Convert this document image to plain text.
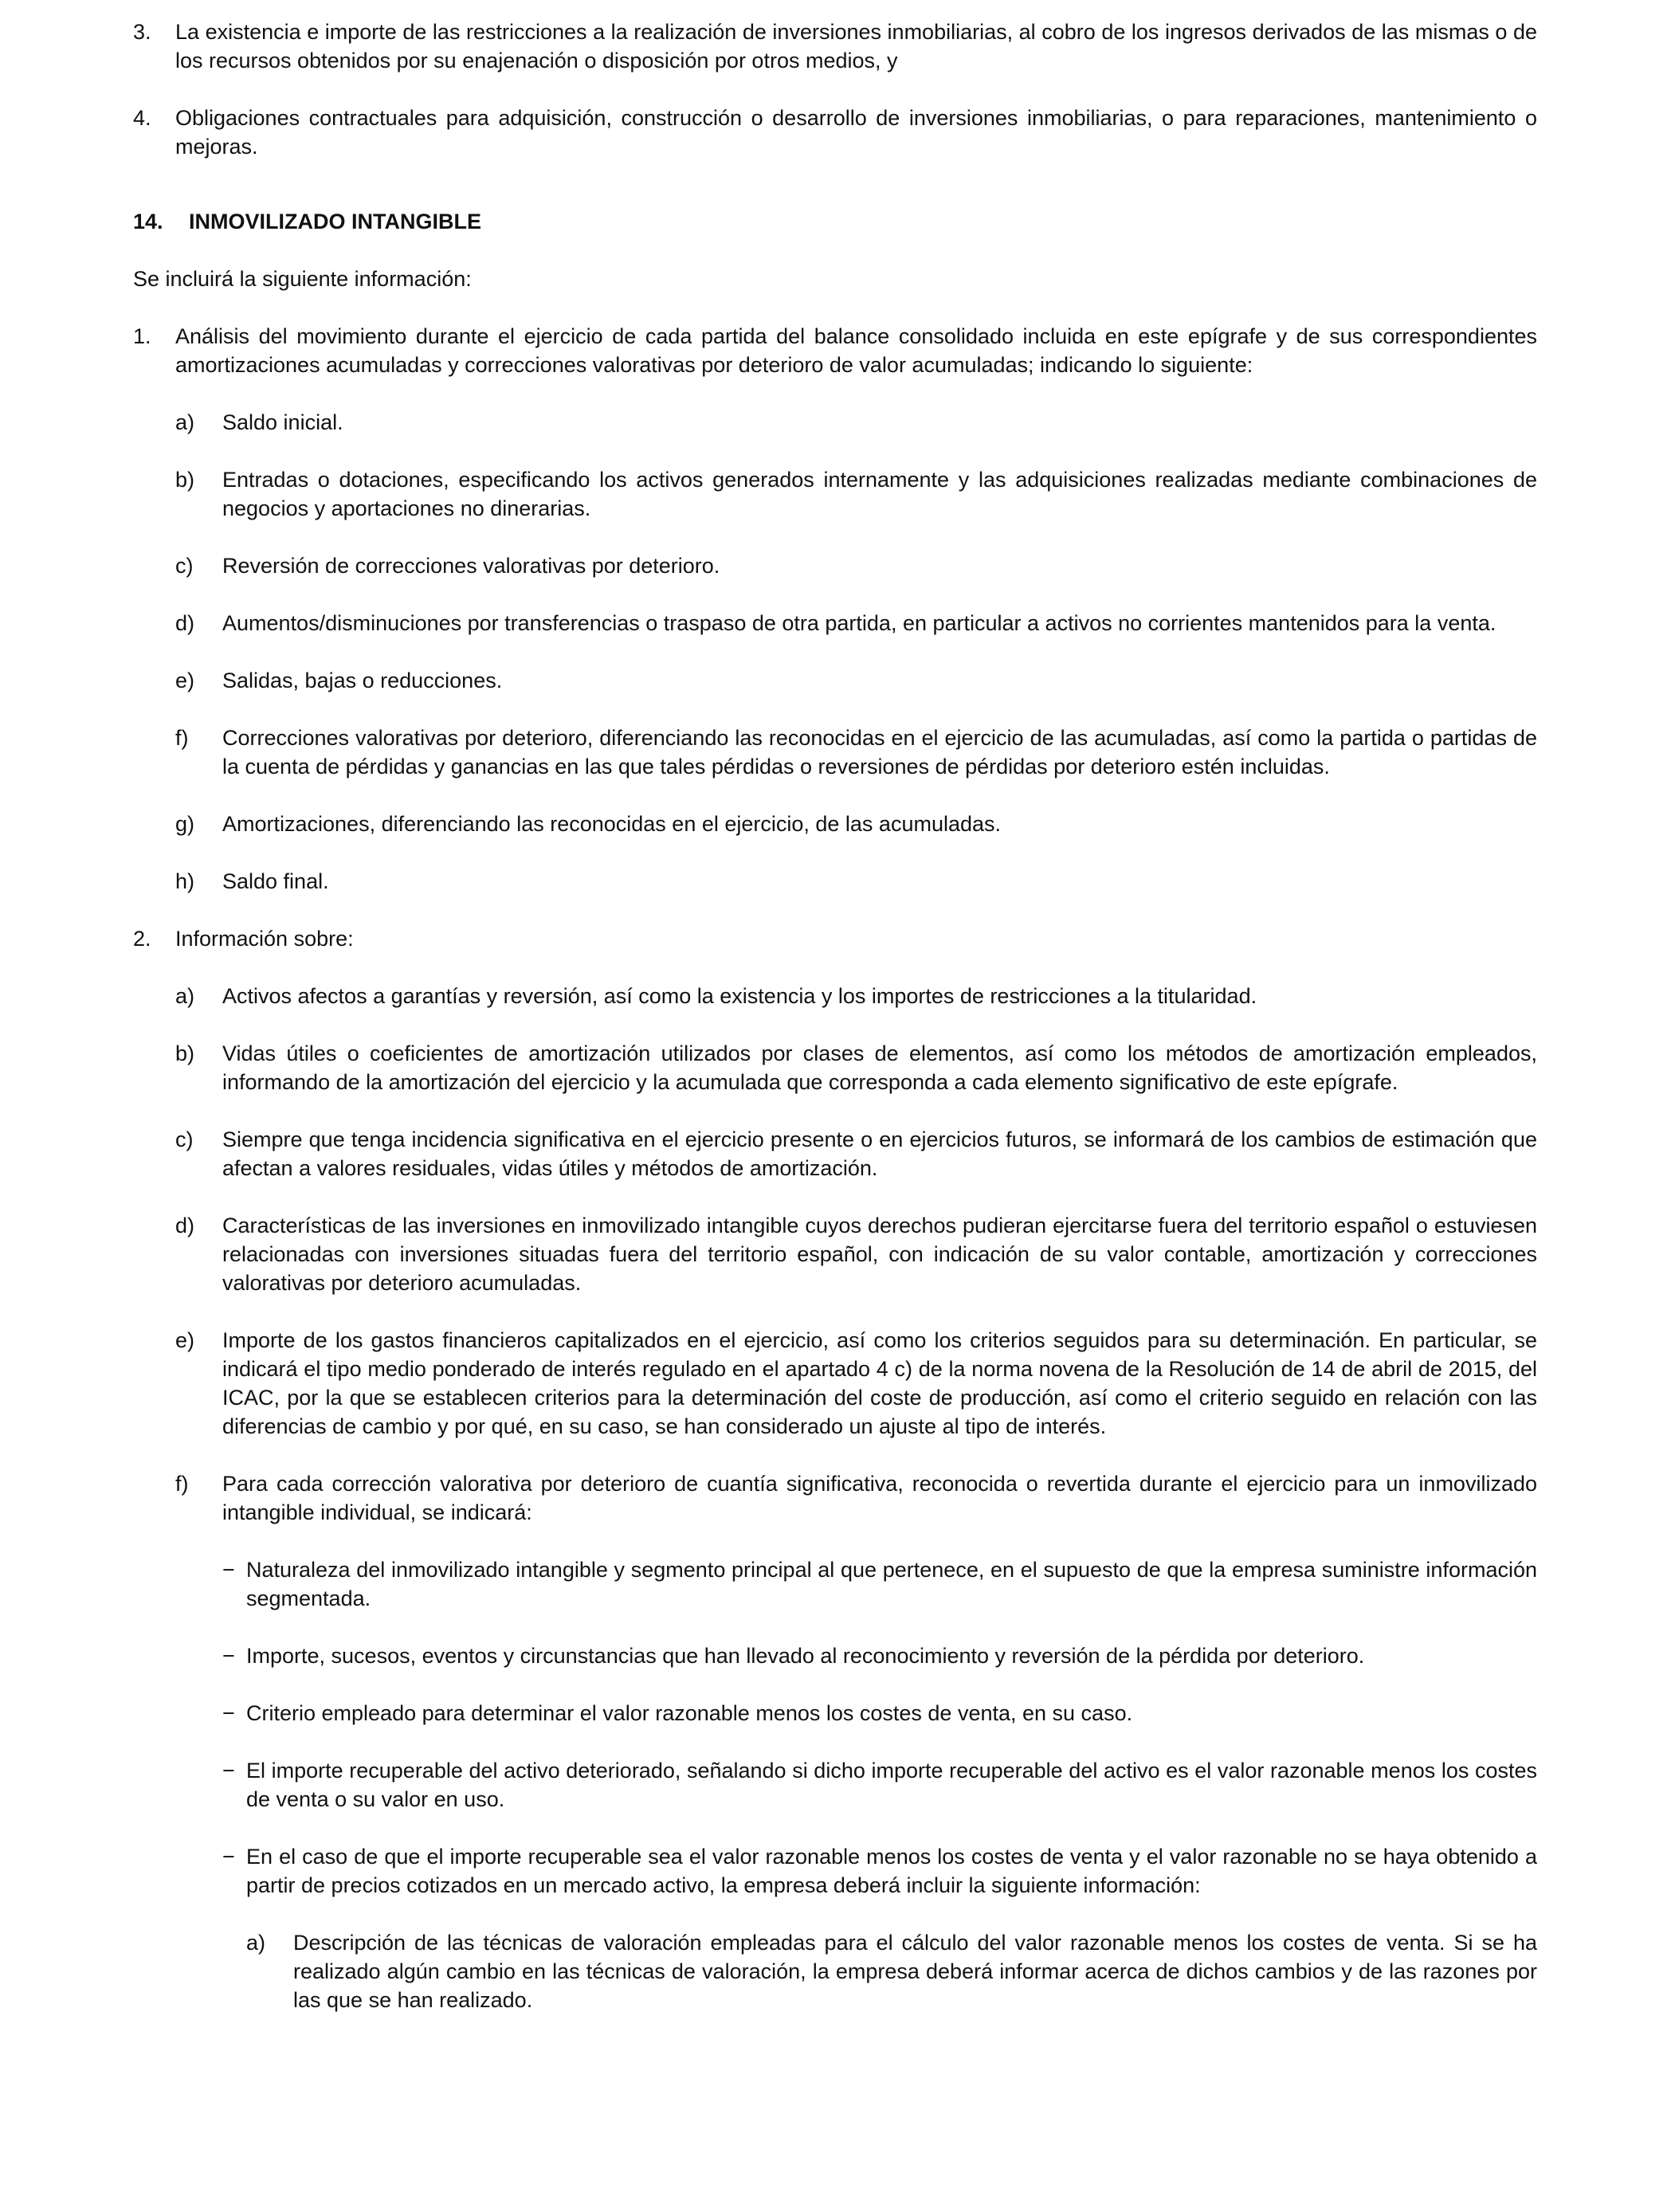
3.	La existencia e importe de las restricciones a la realización de inversiones inmobiliarias, al cobro de los ingresos derivados de las mismas o de los recursos obtenidos por su enajenación o disposición por otros medios, y

4.	Obligaciones contractuales para adquisición, construcción o desarrollo de inversiones inmobiliarias, o para reparaciones, mantenimiento o mejoras.

14.	INMOVILIZADO INTANGIBLE

Se incluirá la siguiente información:

1.	Análisis del movimiento durante el ejercicio de cada partida del balance consolidado incluida en este epígrafe y de sus correspondientes amortizaciones acumuladas y correcciones valorativas por deterioro de valor acumuladas; indicando lo siguiente:

a)	Saldo inicial.

b)	Entradas o dotaciones, especificando los activos generados internamente y las adquisiciones realizadas mediante combinaciones de negocios y aportaciones no dinerarias.

c)	Reversión de correcciones valorativas por deterioro.

d)	Aumentos/disminuciones por transferencias o traspaso de otra partida, en particular a activos no corrientes mantenidos para la venta.

e)	Salidas, bajas o reducciones.

f)	Correcciones valorativas por deterioro, diferenciando las reconocidas en el ejercicio de las acumuladas, así como la partida o partidas de la cuenta de pérdidas y ganancias en las que tales pérdidas o reversiones de pérdidas por deterioro estén incluidas.

g)	Amortizaciones, diferenciando las reconocidas en el ejercicio, de las acumuladas.

h)	Saldo final.

2.	Información sobre:

a)	Activos afectos a garantías y reversión, así como la existencia y los importes de restricciones a la titularidad.

b)	Vidas útiles o coeficientes de amortización utilizados por clases de elementos, así como los métodos de amortización empleados, informando de la amortización del ejercicio y la acumulada que corresponda a cada elemento significativo de este epígrafe.

c)	Siempre que tenga incidencia significativa en el ejercicio presente o en ejercicios futuros, se informará de los cambios de estimación que afectan a valores residuales, vidas útiles y métodos de amortización.

d)	Características de las inversiones en inmovilizado intangible cuyos derechos pudieran ejercitarse fuera del territorio español o estuviesen relacionadas con inversiones situadas fuera del territorio español, con indicación de su valor contable, amortización y correcciones valorativas por deterioro acumuladas.

e)	Importe de los gastos financieros capitalizados en el ejercicio, así como los criterios seguidos para su determinación. En particular, se indicará el tipo medio ponderado de interés regulado en el apartado 4 c) de la norma novena de la Resolución de 14 de abril de 2015, del ICAC, por la que se establecen criterios para la determinación del coste de producción, así como el criterio seguido en relación con las diferencias de cambio y por qué, en su caso, se han considerado un ajuste al tipo de interés.

f)	Para cada corrección valorativa por deterioro de cuantía significativa, reconocida o revertida durante el ejercicio para un inmovilizado intangible individual, se indicará:

− Naturaleza del inmovilizado intangible y segmento principal al que pertenece, en el supuesto de que la empresa suministre información segmentada.

− Importe, sucesos, eventos y circunstancias que han llevado al reconocimiento y reversión de la pérdida por deterioro.

− Criterio empleado para determinar el valor razonable menos los costes de venta, en su caso.

− El importe recuperable del activo deteriorado, señalando si dicho importe recuperable del activo es el valor razonable menos los costes de venta o su valor en uso.

− En el caso de que el importe recuperable sea el valor razonable menos los costes de venta y el valor razonable no se haya obtenido a partir de precios cotizados en un mercado activo, la empresa deberá incluir la siguiente información:

a)	Descripción de las técnicas de valoración empleadas para el cálculo del valor razonable menos los costes de venta. Si se ha realizado algún cambio en las técnicas de valoración, la empresa deberá informar acerca de dichos cambios y de las razones por las que se han realizado.
